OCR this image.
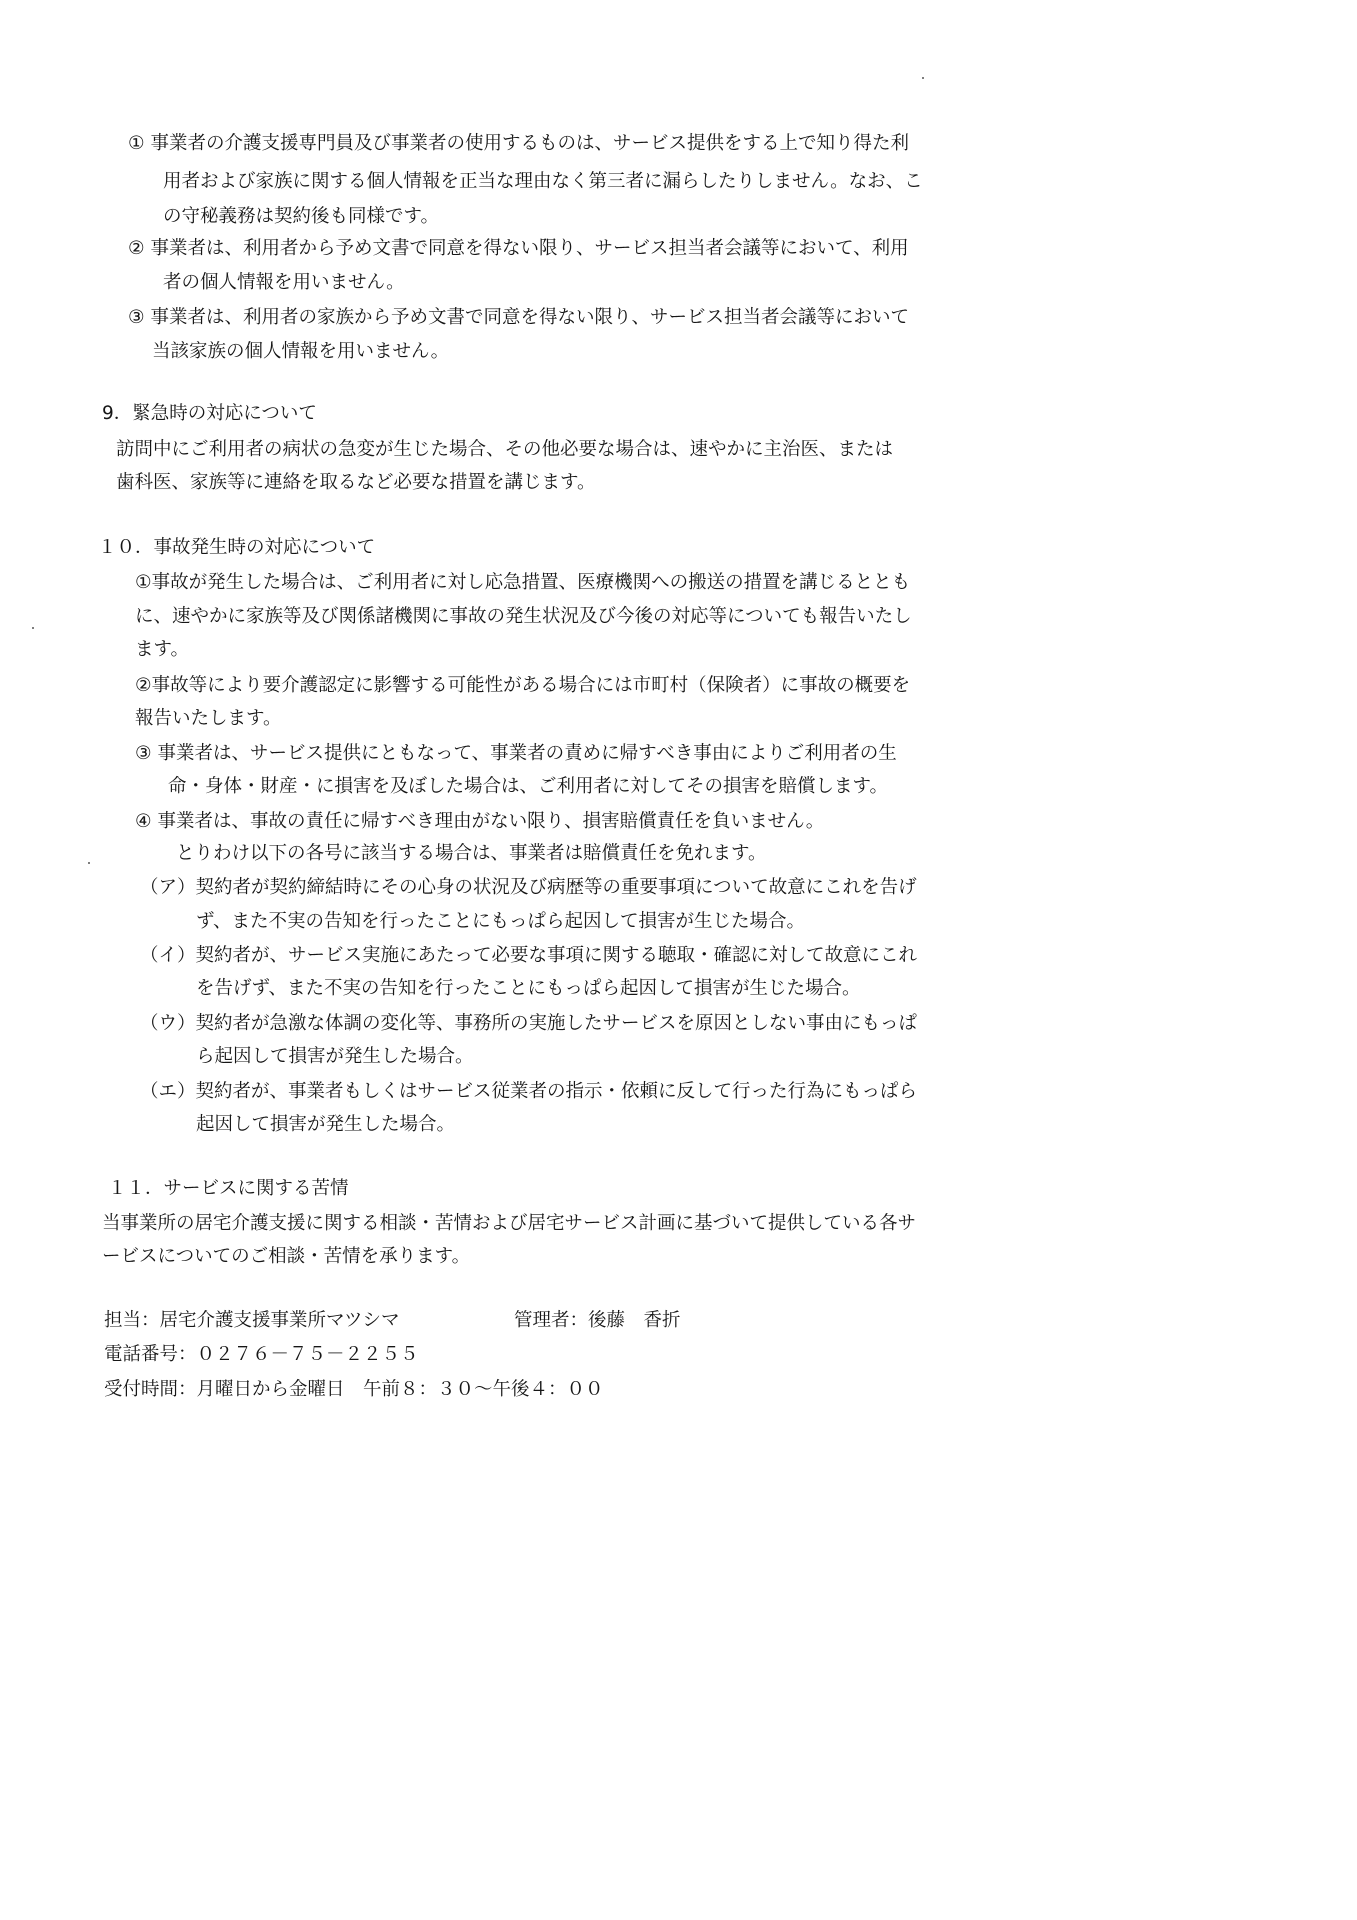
① 事業者の介護支援専門員及び事業者の使用するものは、サービス提供をする上で知り得た利

用者および家族に関する個人情報を正当な理由なく第三者に漏らしたりしません。なお、こ

の守秘義務は契約後も同様です。

② 事業者は、利用者から予め文書で同意を得ない限り、サービス担当者会議等において、利用

者の個人情報を用いません。

③ 事業者は、利用者の家族から予め文書で同意を得ない限り、サービス担当者会議等において

当該家族の個人情報を用いません。

9．緊急時の対応について

訪問中にご利用者の病状の急変が生じた場合、その他必要な場合は、速やかに主治医、または

歯科医、家族等に連絡を取るなど必要な措置を講じます。

１０．事故発生時の対応について

①事故が発生した場合は、ご利用者に対し応急措置、医療機関への搬送の措置を講じるととも

に、速やかに家族等及び関係諸機関に事故の発生状況及び今後の対応等についても報告いたし

ます。

②事故等により要介護認定に影響する可能性がある場合には市町村（保険者）に事故の概要を

報告いたします。

③ 事業者は、サービス提供にともなって、事業者の責めに帰すべき事由によりご利用者の生

命・身体・財産・に損害を及ぼした場合は、ご利用者に対してその損害を賠償します。

④ 事業者は、事故の責任に帰すべき理由がない限り、損害賠償責任を負いません。

とりわけ以下の各号に該当する場合は、事業者は賠償責任を免れます。

（ア）契約者が契約締結時にその心身の状況及び病歴等の重要事項について故意にこれを告げ

ず、また不実の告知を行ったことにもっぱら起因して損害が生じた場合。

（イ）契約者が、サービス実施にあたって必要な事項に関する聴取・確認に対して故意にこれ

を告げず、また不実の告知を行ったことにもっぱら起因して損害が生じた場合。

（ウ）契約者が急激な体調の変化等、事務所の実施したサービスを原因としない事由にもっぱ

ら起因して損害が発生した場合。

（エ）契約者が、事業者もしくはサービス従業者の指示・依頼に反して行った行為にもっぱら

起因して損害が発生した場合。

１１．サービスに関する苦情

当事業所の居宅介護支援に関する相談・苦情および居宅サービス計画に基づいて提供している各サ

ービスについてのご相談・苦情を承ります。

担当：居宅介護支援事業所マツシマ	管理者：後藤　香折

電話番号：０２７６－７５－２２５５

受付時間：月曜日から金曜日　午前８：３０～午後４：００
